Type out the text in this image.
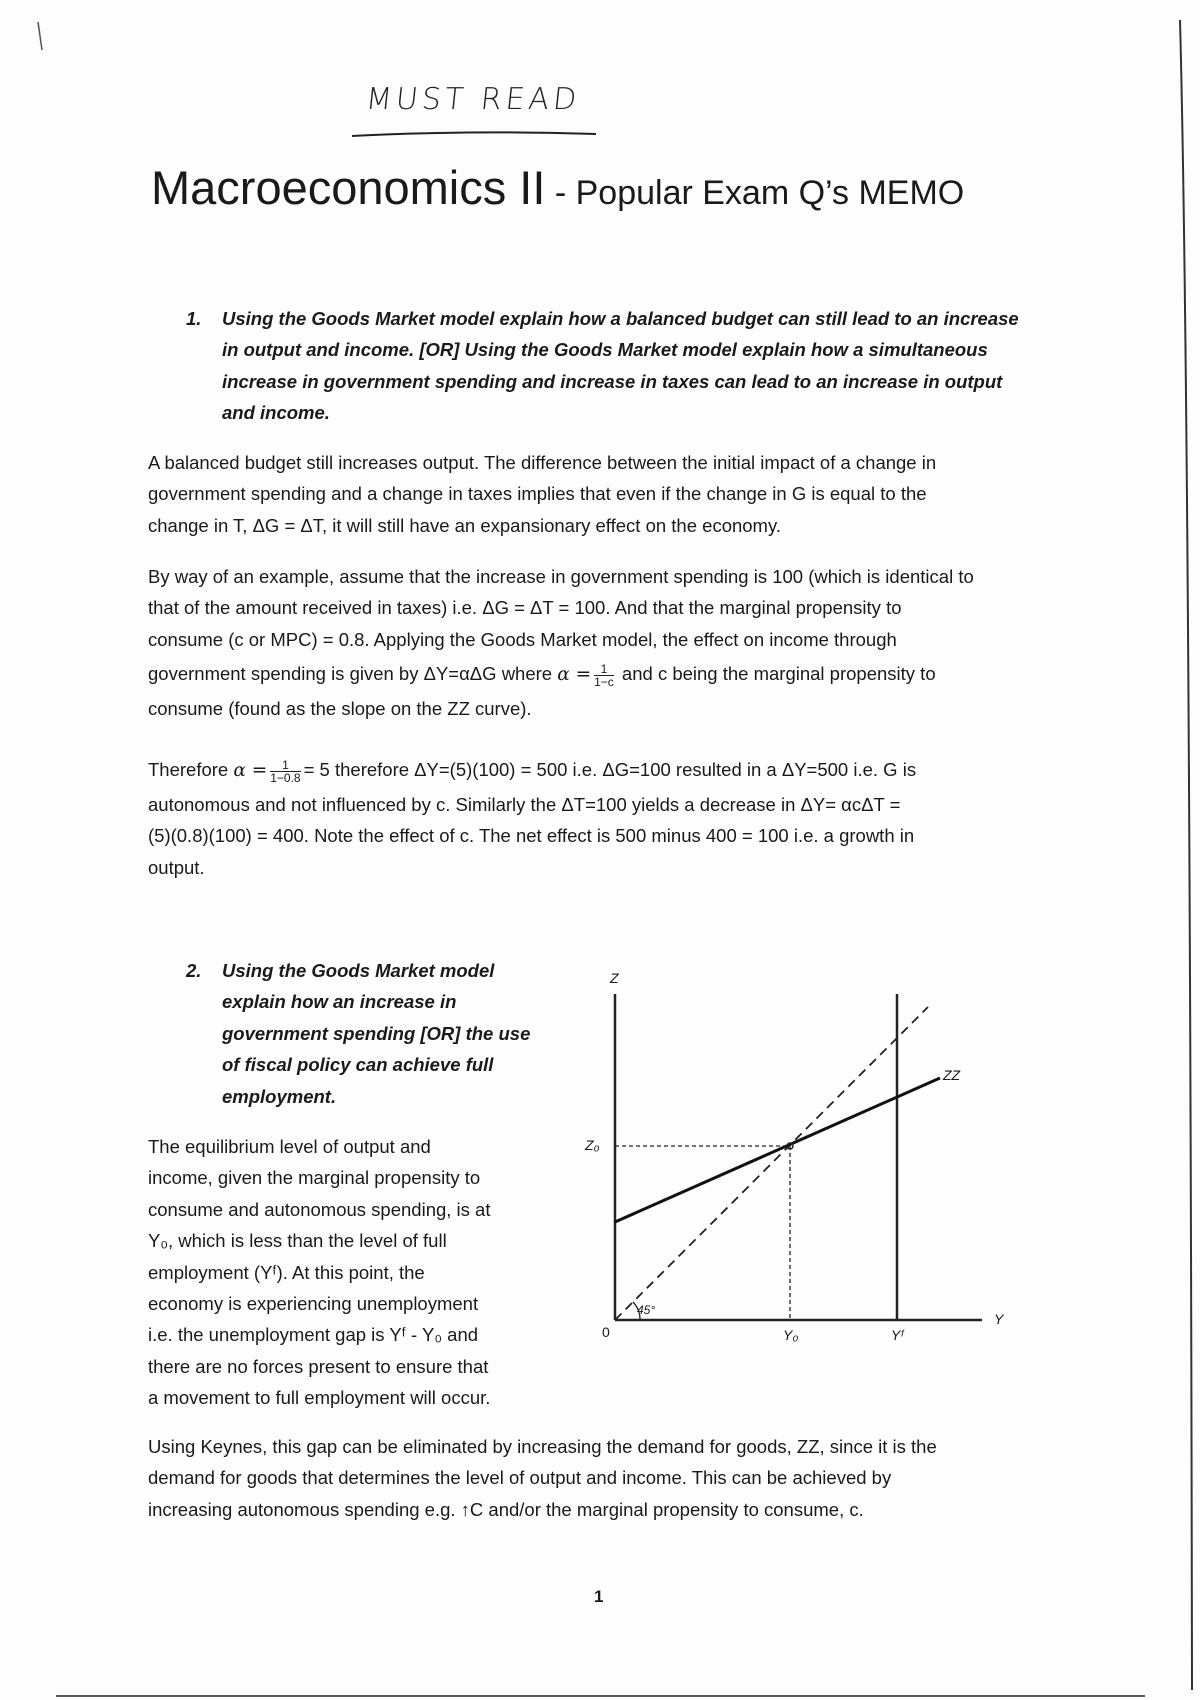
MUST READ
Macroeconomics II - Popular Exam Q’s MEMO
1. Using the Goods Market model explain how a balanced budget can still lead to an increase
in output and income. [OR] Using the Goods Market model explain how a simultaneous
increase in government spending and increase in taxes can lead to an increase in output
and income.
A balanced budget still increases output. The difference between the initial impact of a change in
government spending and a change in taxes implies that even if the change in G is equal to the
change in T, ΔG = ΔT, it will still have an expansionary effect on the economy.
By way of an example, assume that the increase in government spending is 100 (which is identical to
that of the amount received in taxes) i.e. ΔG = ΔT = 100. And that the marginal propensity to
consume (c or MPC) = 0.8. Applying the Goods Market model, the effect on income through
government spending is given by ΔY=αΔG where $\alpha = \frac{1}{1-c}$ and c being the marginal propensity to
consume (found as the slope on the ZZ curve).
Therefore $\alpha = \frac{1}{1-0.8} = 5$ therefore ΔY=(5)(100) = 500 i.e. ΔG=100 resulted in a ΔY=500 i.e. G is
autonomous and not influenced by c. Similarly the ΔT=100 yields a decrease in ΔY= αcΔT =
(5)(0.8)(100) = 400. Note the effect of c. The net effect is 500 minus 400 = 100 i.e. a growth in
output.
2. Using the Goods Market model
explain how an increase in
government spending [OR] the use
of fiscal policy can achieve full
employment.
The equilibrium level of output and
income, given the marginal propensity to
consume and autonomous spending, is at
Y₀, which is less than the level of full
employment (Yᶠ). At this point, the
economy is experiencing unemployment
i.e. the unemployment gap is Yᶠ - Y₀ and
there are no forces present to ensure that
a movement to full employment will occur.
Z
Y
0
Z₀
Y₀	Yᶠ
ZZ
45°
Using Keynes, this gap can be eliminated by increasing the demand for goods, ZZ, since it is the
demand for goods that determines the level of output and income. This can be achieved by
increasing autonomous spending e.g. ↑C and/or the marginal propensity to consume, c.
1
